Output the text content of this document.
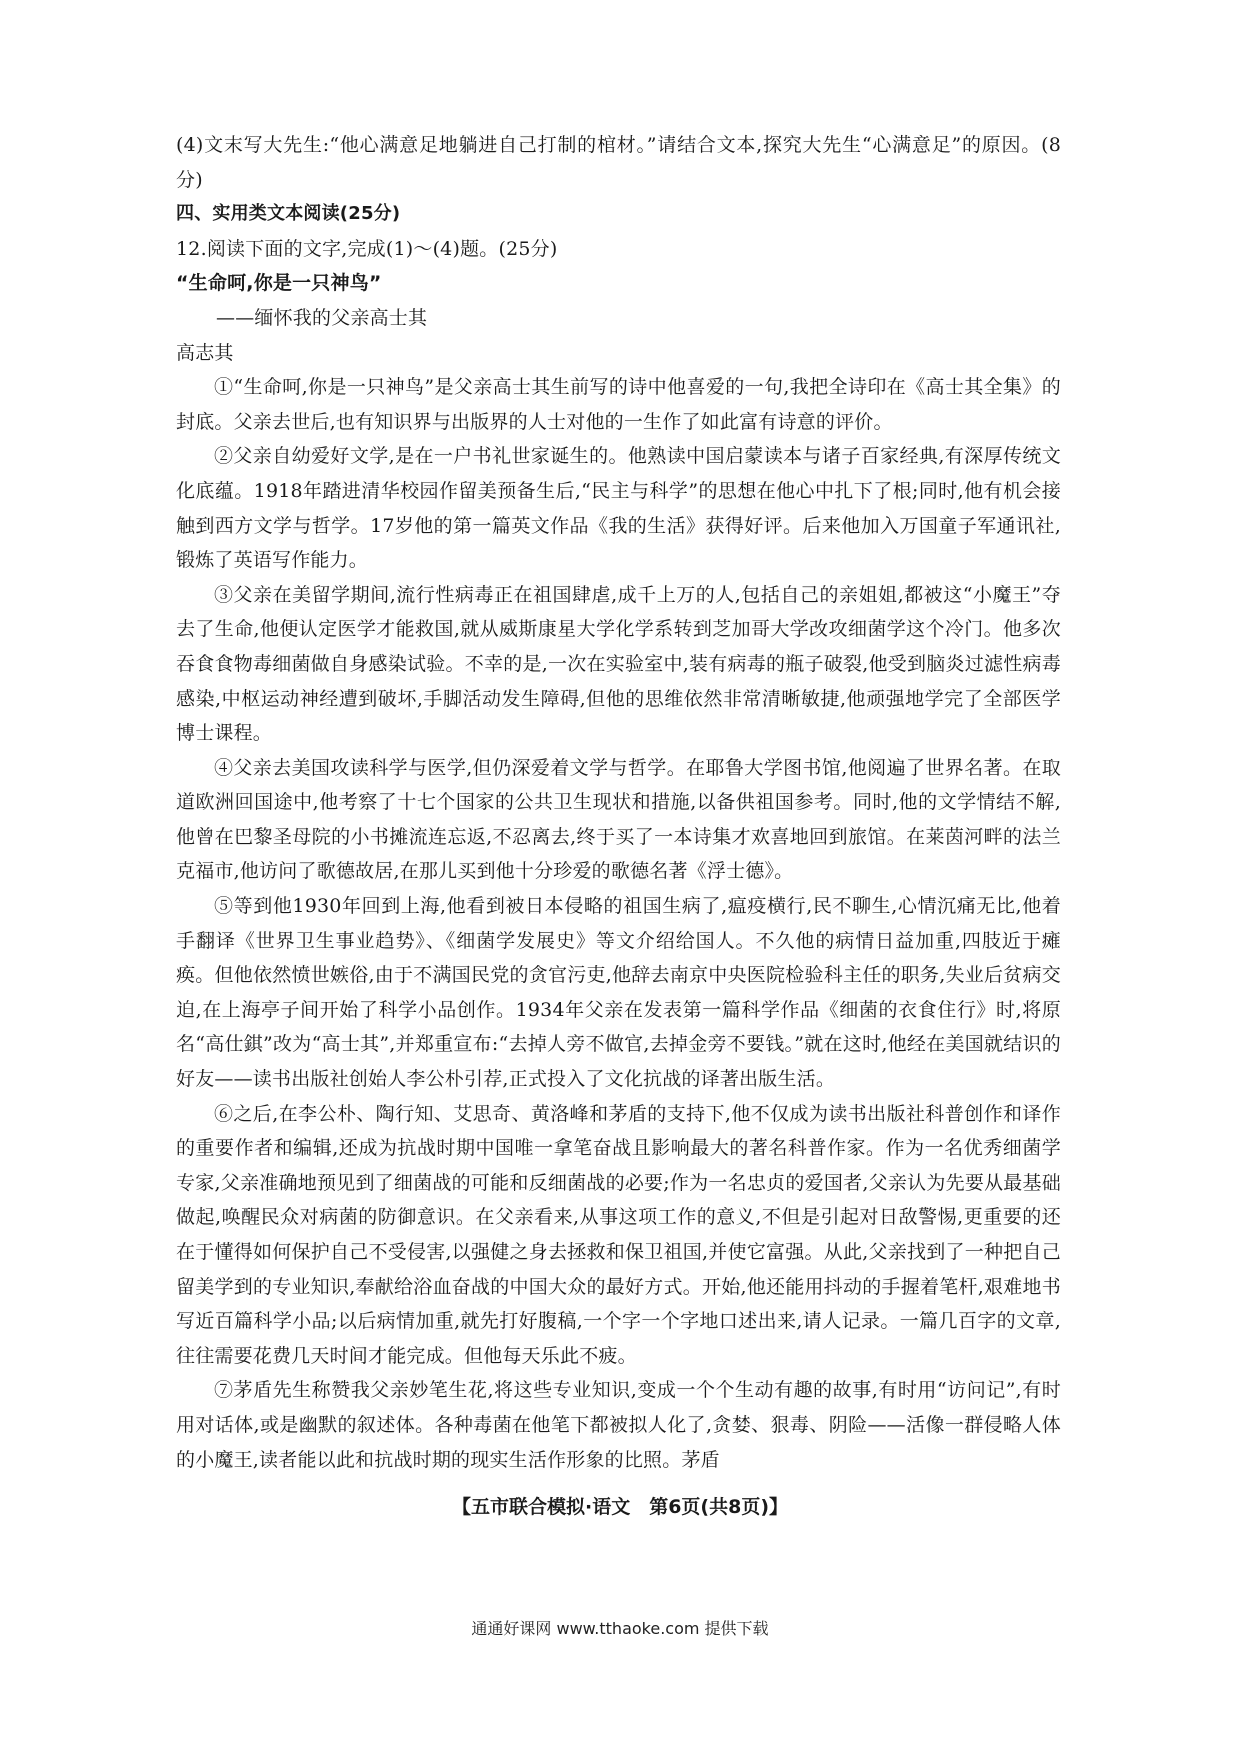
(4)文末写大先生:“他心满意足地躺进自己打制的棺材。”请结合文本,探究大先生“心满意足”的原因。(8分)

四、实用类文本阅读(25分)

12.阅读下面的文字,完成(1)～(4)题。(25分)

“生命呵,你是一只神鸟”

——缅怀我的父亲高士其

高志其

①“生命呵,你是一只神鸟”是父亲高士其生前写的诗中他喜爱的一句,我把全诗印在《高士其全集》的封底。父亲去世后,也有知识界与出版界的人士对他的一生作了如此富有诗意的评价。

②父亲自幼爱好文学,是在一户书礼世家诞生的。他熟读中国启蒙读本与诸子百家经典,有深厚传统文化底蕴。1918年踏进清华校园作留美预备生后,“民主与科学”的思想在他心中扎下了根;同时,他有机会接触到西方文学与哲学。17岁他的第一篇英文作品《我的生活》获得好评。后来他加入万国童子军通讯社,锻炼了英语写作能力。

③父亲在美留学期间,流行性病毒正在祖国肆虐,成千上万的人,包括自己的亲姐姐,都被这“小魔王”夺去了生命,他便认定医学才能救国,就从威斯康星大学化学系转到芝加哥大学改攻细菌学这个冷门。他多次吞食食物毒细菌做自身感染试验。不幸的是,一次在实验室中,装有病毒的瓶子破裂,他受到脑炎过滤性病毒感染,中枢运动神经遭到破坏,手脚活动发生障碍,但他的思维依然非常清晰敏捷,他顽强地学完了全部医学博士课程。

④父亲去美国攻读科学与医学,但仍深爱着文学与哲学。在耶鲁大学图书馆,他阅遍了世界名著。在取道欧洲回国途中,他考察了十七个国家的公共卫生现状和措施,以备供祖国参考。同时,他的文学情结不解,他曾在巴黎圣母院的小书摊流连忘返,不忍离去,终于买了一本诗集才欢喜地回到旅馆。在莱茵河畔的法兰克福市,他访问了歌德故居,在那儿买到他十分珍爱的歌德名著《浮士德》。

⑤等到他1930年回到上海,他看到被日本侵略的祖国生病了,瘟疫横行,民不聊生,心情沉痛无比,他着手翻译《世界卫生事业趋势》、《细菌学发展史》等文介绍给国人。不久他的病情日益加重,四肢近于瘫痪。但他依然愤世嫉俗,由于不满国民党的贪官污吏,他辞去南京中央医院检验科主任的职务,失业后贫病交迫,在上海亭子间开始了科学小品创作。1934年父亲在发表第一篇科学作品《细菌的衣食住行》时,将原名“高仕錤”改为“高士其”,并郑重宣布:“去掉人旁不做官,去掉金旁不要钱。”就在这时,他经在美国就结识的好友——读书出版社创始人李公朴引荐,正式投入了文化抗战的译著出版生活。

⑥之后,在李公朴、陶行知、艾思奇、黄洛峰和茅盾的支持下,他不仅成为读书出版社科普创作和译作的重要作者和编辑,还成为抗战时期中国唯一拿笔奋战且影响最大的著名科普作家。作为一名优秀细菌学专家,父亲准确地预见到了细菌战的可能和反细菌战的必要;作为一名忠贞的爱国者,父亲认为先要从最基础做起,唤醒民众对病菌的防御意识。在父亲看来,从事这项工作的意义,不但是引起对日敌警惕,更重要的还在于懂得如何保护自己不受侵害,以强健之身去拯救和保卫祖国,并使它富强。从此,父亲找到了一种把自己留美学到的专业知识,奉献给浴血奋战的中国大众的最好方式。开始,他还能用抖动的手握着笔杆,艰难地书写近百篇科学小品;以后病情加重,就先打好腹稿,一个字一个字地口述出来,请人记录。一篇几百字的文章,往往需要花费几天时间才能完成。但他每天乐此不疲。

⑦茅盾先生称赞我父亲妙笔生花,将这些专业知识,变成一个个生动有趣的故事,有时用“访问记”,有时用对话体,或是幽默的叙述体。各种毒菌在他笔下都被拟人化了,贪婪、狠毒、阴险——活像一群侵略人体的小魔王,读者能以此和抗战时期的现实生活作形象的比照。茅盾

【五市联合模拟·语文　第6页(共8页)】
通通好课网 www.tthaoke.com 提供下载
